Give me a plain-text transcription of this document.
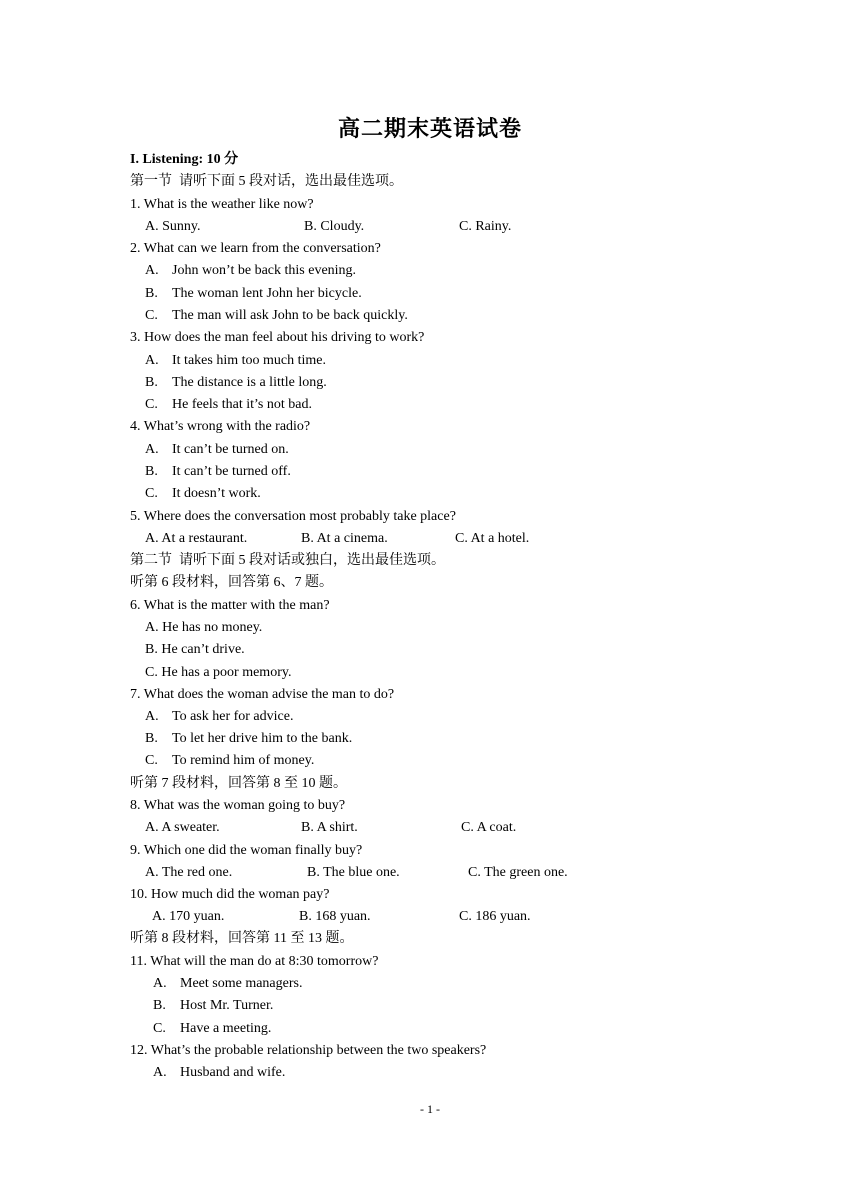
高二期末英语试卷
I. Listening: 10 分
第一节  请听下面 5 段对话，选出最佳选项。
1. What is the weather like now?
A. Sunny.	B. Cloudy.	C. Rainy.
2. What can we learn from the conversation?
A. John won’t be back this evening.
B. The woman lent John her bicycle.
C. The man will ask John to be back quickly.
3. How does the man feel about his driving to work?
A. It takes him too much time.
B. The distance is a little long.
C. He feels that it’s not bad.
4. What’s wrong with the radio?
A. It can’t be turned on.
B. It can’t be turned off.
C. It doesn’t work.
5. Where does the conversation most probably take place?
A. At a restaurant.	B. At a cinema.	C. At a hotel.
第二节  请听下面 5 段对话或独白，选出最佳选项。
听第 6 段材料，回答第 6、7 题。
6. What is the matter with the man?
A. He has no money.
B. He can’t drive.
C. He has a poor memory.
7. What does the woman advise the man to do?
A. To ask her for advice.
B. To let her drive him to the bank.
C. To remind him of money.
听第 7 段材料，回答第 8 至 10 题。
8. What was the woman going to buy?
A. A sweater.	B. A shirt.	C. A coat.
9. Which one did the woman finally buy?
A. The red one.	B. The blue one.	C. The green one.
10. How much did the woman pay?
A. 170 yuan.	B. 168 yuan.	C. 186 yuan.
听第 8 段材料，回答第 11 至 13 题。
11. What will the man do at 8:30 tomorrow?
A. Meet some managers.
B. Host Mr. Turner.
C. Have a meeting.
12. What’s the probable relationship between the two speakers?
A. Husband and wife.
- 1 -
